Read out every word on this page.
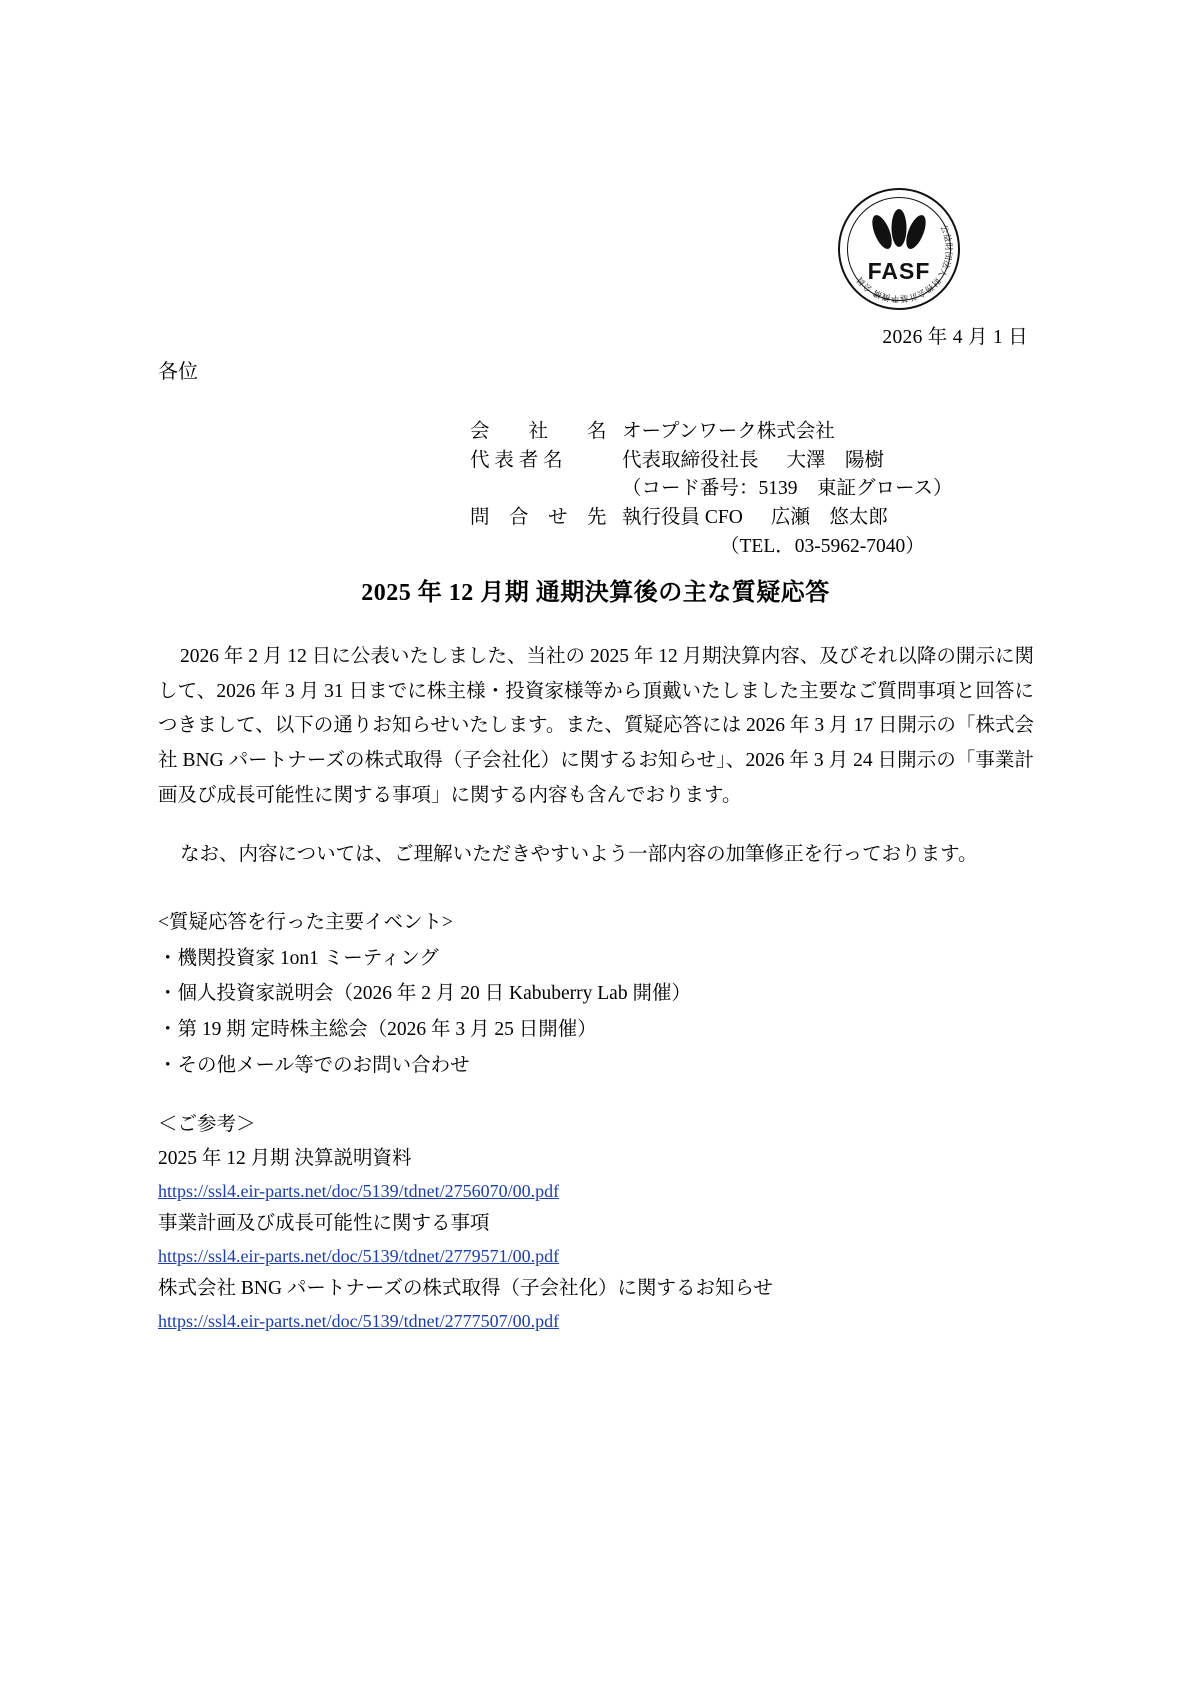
公益財団法人 財務会計基準機構 会員 FASF
2026 年 4 月 1 日
各位
会　　社　　名 オープンワーク株式会社
代 表 者 名	代表取締役社長 大澤　陽樹
（コード番号：5139　東証グロース）
問　合　せ　先 執行役員 CFO 広瀬　悠太郎
（TEL．03-5962-7040）
2025 年 12 月期 通期決算後の主な質疑応答
2026 年 2 月 12 日に公表いたしました、当社の 2025 年 12 月期決算内容、及びそれ以降の開示に関して、2026 年 3 月 31 日までに株主様・投資家様等から頂戴いたしました主要なご質問事項と回答につきまして、以下の通りお知らせいたします。また、質疑応答には 2026 年 3 月 17 日開示の「株式会社 BNG パートナーズの株式取得（子会社化）に関するお知らせ」、2026 年 3 月 24 日開示の「事業計画及び成長可能性に関する事項」に関する内容も含んでおります。
なお、内容については、ご理解いただきやすいよう一部内容の加筆修正を行っております。
<質疑応答を行った主要イベント>
・機関投資家 1on1 ミーティング
・個人投資家説明会（2026 年 2 月 20 日 Kabuberry Lab 開催）
・第 19 期 定時株主総会（2026 年 3 月 25 日開催）
・その他メール等でのお問い合わせ
＜ご参考＞
2025 年 12 月期 決算説明資料
https://ssl4.eir-parts.net/doc/5139/tdnet/2756070/00.pdf
事業計画及び成長可能性に関する事項
https://ssl4.eir-parts.net/doc/5139/tdnet/2779571/00.pdf
株式会社 BNG パートナーズの株式取得（子会社化）に関するお知らせ
https://ssl4.eir-parts.net/doc/5139/tdnet/2777507/00.pdf
